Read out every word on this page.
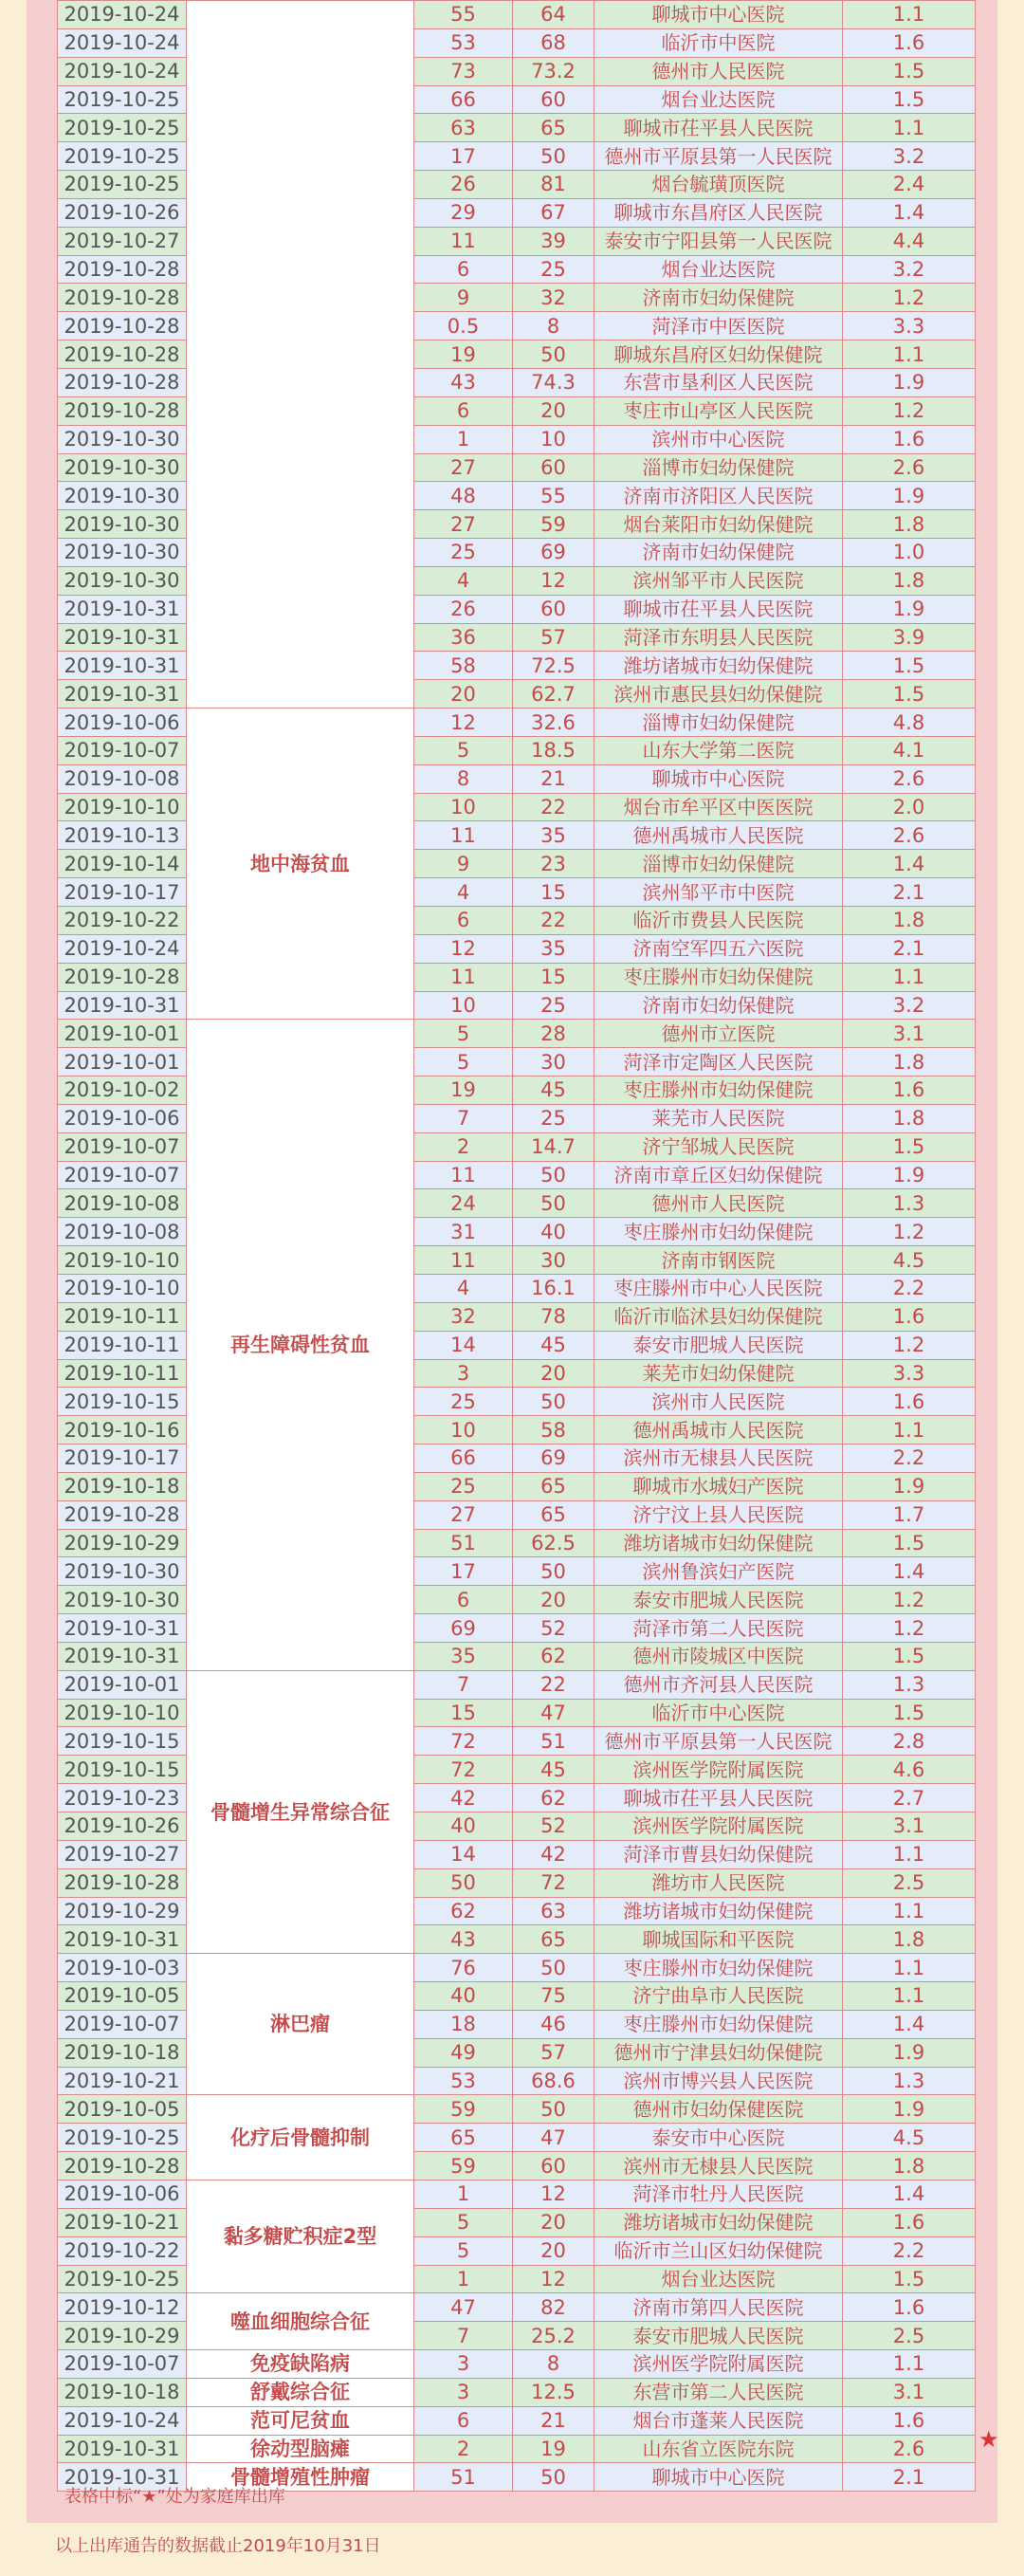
2019-10-24		55	64	聊城市中心医院	1.1
2019-10-24		53	68	临沂市中医院	1.6
2019-10-24		73	73.2	德州市人民医院	1.5
2019-10-25		66	60	烟台业达医院	1.5
2019-10-25		63	65	聊城市茌平县人民医院	1.1
2019-10-25		17	50	德州市平原县第一人民医院	3.2
2019-10-25		26	81	烟台毓璜顶医院	2.4
2019-10-26		29	67	聊城市东昌府区人民医院	1.4
2019-10-27		11	39	泰安市宁阳县第一人民医院	4.4
2019-10-28		6	25	烟台业达医院	3.2
2019-10-28		9	32	济南市妇幼保健院	1.2
2019-10-28		0.5	8	菏泽市中医医院	3.3
2019-10-28		19	50	聊城东昌府区妇幼保健院	1.1
2019-10-28		43	74.3	东营市垦利区人民医院	1.9
2019-10-28		6	20	枣庄市山亭区人民医院	1.2
2019-10-30		1	10	滨州市中心医院	1.6
2019-10-30		27	60	淄博市妇幼保健院	2.6
2019-10-30		48	55	济南市济阳区人民医院	1.9
2019-10-30		27	59	烟台莱阳市妇幼保健院	1.8
2019-10-30		25	69	济南市妇幼保健院	1.0
2019-10-30		4	12	滨州邹平市人民医院	1.8
2019-10-31		26	60	聊城市茌平县人民医院	1.9
2019-10-31		36	57	菏泽市东明县人民医院	3.9
2019-10-31		58	72.5	潍坊诸城市妇幼保健院	1.5
2019-10-31		20	62.7	滨州市惠民县妇幼保健院	1.5
2019-10-06	地中海贫血	12	32.6	淄博市妇幼保健院	4.8
2019-10-07		5	18.5	山东大学第二医院	4.1
2019-10-08		8	21	聊城市中心医院	2.6
2019-10-10		10	22	烟台市牟平区中医医院	2.0
2019-10-13		11	35	德州禹城市人民医院	2.6
2019-10-14		9	23	淄博市妇幼保健院	1.4
2019-10-17		4	15	滨州邹平市中医院	2.1
2019-10-22		6	22	临沂市费县人民医院	1.8
2019-10-24		12	35	济南空军四五六医院	2.1
2019-10-28		11	15	枣庄滕州市妇幼保健院	1.1
2019-10-31		10	25	济南市妇幼保健院	3.2
2019-10-01	再生障碍性贫血	5	28	德州市立医院	3.1
2019-10-01		5	30	菏泽市定陶区人民医院	1.8
2019-10-02		19	45	枣庄滕州市妇幼保健院	1.6
2019-10-06		7	25	莱芜市人民医院	1.8
2019-10-07		2	14.7	济宁邹城人民医院	1.5
2019-10-07		11	50	济南市章丘区妇幼保健院	1.9
2019-10-08		24	50	德州市人民医院	1.3
2019-10-08		31	40	枣庄滕州市妇幼保健院	1.2
2019-10-10		11	30	济南市钢医院	4.5
2019-10-10		4	16.1	枣庄滕州市中心人民医院	2.2
2019-10-11		32	78	临沂市临沭县妇幼保健院	1.6
2019-10-11		14	45	泰安市肥城人民医院	1.2
2019-10-11		3	20	莱芜市妇幼保健院	3.3
2019-10-15		25	50	滨州市人民医院	1.6
2019-10-16		10	58	德州禹城市人民医院	1.1
2019-10-17		66	69	滨州市无棣县人民医院	2.2
2019-10-18		25	65	聊城市水城妇产医院	1.9
2019-10-28		27	65	济宁汶上县人民医院	1.7
2019-10-29		51	62.5	潍坊诸城市妇幼保健院	1.5
2019-10-30		17	50	滨州鲁滨妇产医院	1.4
2019-10-30		6	20	泰安市肥城人民医院	1.2
2019-10-31		69	52	菏泽市第二人民医院	1.2
2019-10-31		35	62	德州市陵城区中医院	1.5
2019-10-01	骨髓增生异常综合征	7	22	德州市齐河县人民医院	1.3
2019-10-10		15	47	临沂市中心医院	1.5
2019-10-15		72	51	德州市平原县第一人民医院	2.8
2019-10-15		72	45	滨州医学院附属医院	4.6
2019-10-23		42	62	聊城市茌平县人民医院	2.7
2019-10-26		40	52	滨州医学院附属医院	3.1
2019-10-27		14	42	菏泽市曹县妇幼保健院	1.1
2019-10-28		50	72	潍坊市人民医院	2.5
2019-10-29		62	63	潍坊诸城市妇幼保健院	1.1
2019-10-31		43	65	聊城国际和平医院	1.8
2019-10-03	淋巴瘤	76	50	枣庄滕州市妇幼保健院	1.1
2019-10-05		40	75	济宁曲阜市人民医院	1.1
2019-10-07		18	46	枣庄滕州市妇幼保健院	1.4
2019-10-18		49	57	德州市宁津县妇幼保健院	1.9
2019-10-21		53	68.6	滨州市博兴县人民医院	1.3
2019-10-05	化疗后骨髓抑制	59	50	德州市妇幼保健医院	1.9
2019-10-25		65	47	泰安市中心医院	4.5
2019-10-28		59	60	滨州市无棣县人民医院	1.8
2019-10-06	黏多糖贮积症2型	1	12	菏泽市牡丹人民医院	1.4
2019-10-21		5	20	潍坊诸城市妇幼保健院	1.6
2019-10-22		5	20	临沂市兰山区妇幼保健院	2.2
2019-10-25		1	12	烟台业达医院	1.5
2019-10-12	噬血细胞综合征	47	82	济南市第四人民医院	1.6
2019-10-29		7	25.2	泰安市肥城人民医院	2.5
2019-10-07	免疫缺陷病	3	8	滨州医学院附属医院	1.1
2019-10-18	舒戴综合征	3	12.5	东营市第二人民医院	3.1
2019-10-24	范可尼贫血	6	21	烟台市蓬莱人民医院	1.6
2019-10-31	徐动型脑瘫	2	19	山东省立医院东院	2.6
2019-10-31	骨髓增殖性肿瘤	51	50	聊城市中心医院	2.1
★
表格中标“★”处为家庭库出库
以上出库通告的数据截止2019年10月31日
